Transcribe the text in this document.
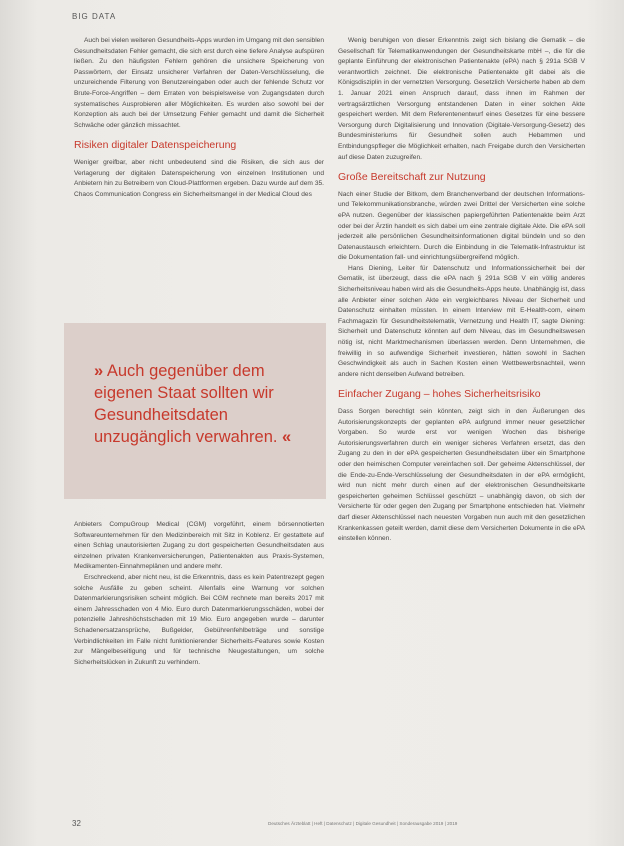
BIG DATA

Auch bei vielen weiteren Gesundheits-Apps wurden im Umgang mit den sensiblen Gesundheitsdaten Fehler gemacht, die sich erst durch eine tiefere Analyse aufspüren ließen. Zu den häufigsten Fehlern gehören die unsichere Speicherung von Passwörtern, der Einsatz unsicherer Verfahren der Daten-Verschlüsselung, die unzureichende Filterung von Benutzereingaben oder auch der fehlende Schutz vor Brute-Force-Angriffen – dem Erraten von beispielsweise von Zugangsdaten durch systematisches Ausprobieren aller Möglichkeiten. Es wurden also sowohl bei der Konzeption als auch bei der Umsetzung Fehler gemacht und damit die Sicherheit Schwäche oder gänzlich missachtet.

Risiken digitaler Datenspeicherung

Weniger greifbar, aber nicht unbedeutend sind die Risiken, die sich aus der Verlagerung der digitalen Datenspeicherung von einzelnen Institutionen und Anbietern hin zu Betreibern von Cloud-Plattformen ergeben. Dazu wurde auf dem 35. Chaos Communication Congress ein Sicherheitsmangel in der Medical Cloud des

» Auch gegenüber dem eigenen Staat sollten wir Gesundheitsdaten unzugänglich verwahren. «

Anbieters CompuGroup Medical (CGM) vorgeführt, einem börsennotierten Softwareunternehmen für den Medizinbereich mit Sitz in Koblenz. Er gestattete auf einen Schlag unautorisierten Zugang zu dort gespeicherten Gesundheitsdaten aus einzelnen privaten Krankenversicherungen, Patientenakten aus Praxis-Systemen, Medikamenten-Einnahmeplänen und andere mehr.

Erschreckend, aber nicht neu, ist die Erkenntnis, dass es kein Patentrezept gegen solche Ausfälle zu geben scheint. Allenfalls eine Warnung vor solchen Datenmarkierungsrisiken scheint möglich. Bei CGM rechnete man bereits 2017 mit einem Jahresschaden von 4 Mio. Euro durch Datenmarkierungsschäden, wobei der potenzielle Jahreshöchstschaden mit 19 Mio. Euro angegeben wurde – darunter Schadenersatzansprüche, Bußgelder, Gebührenfehlbeträge und sonstige Verbindlichkeiten im Falle nicht funktionierender Sicherheits-Features sowie Kosten zur Mängelbeseitigung und für technische Neugestaltungen, um solche Sicherheitslücken in Zukunft zu verhindern.

Wenig beruhigen von dieser Erkenntnis zeigt sich bislang die Gematik – die Gesellschaft für Telematikanwendungen der Gesundheitskarte mbH –, die für die geplante Einführung der elektronischen Patientenakte (ePA) nach § 291a SGB V verantwortlich zeichnet. Die elektronische Patientenakte gilt dabei als die Königsdisziplin in der vernetzten Versorgung. Gesetzlich Versicherte haben ab dem 1. Januar 2021 einen Anspruch darauf, dass ihnen im Rahmen der vertragsärztlichen Versorgung entstandenen Daten in einer solchen Akte gespeichert werden. Mit dem Referentenentwurf eines Gesetzes für eine bessere Versorgung durch Digitalisierung und Innovation (Digitale-Versorgung-Gesetz) des Bundesministeriums für Gesundheit sollen auch Hebammen und Entbindungspfleger die Möglichkeit erhalten, nach Freigabe durch den Versicherten auf diese Daten zuzugreifen.

Große Bereitschaft zur Nutzung

Nach einer Studie der Bitkom, dem Branchenverband der deutschen Informations- und Telekommunikationsbranche, würden zwei Drittel der Versicherten eine solche ePA nutzen. Gegenüber der klassischen papiergeführten Patientenakte beim Arzt oder bei der Ärztin handelt es sich dabei um eine zentrale digitale Akte. Die ePA soll jederzeit alle persönlichen Gesundheitsinformationen digital bündeln und so den Datenaustausch erleichtern. Durch die Einbindung in die Telematik-Infrastruktur ist die Dokumentation fall- und einrichtungsübergreifend möglich.

Hans Diening, Leiter für Datenschutz und Informationssicherheit bei der Gematik, ist überzeugt, dass die ePA nach § 291a SGB V ein völlig anderes Sicherheitsniveau haben wird als die Gesundheits-Apps heute. Unabhängig ist, dass alle Anbieter einer solchen Akte ein vergleichbares Niveau der Sicherheit und Datenschutz einhalten müssten. In einem Interview mit E-Health-com, einem Fachmagazin für Gesundheitstelematik, Vernetzung und Health IT, sagte Diening: Sicherheit und Datenschutz könnten auf dem Niveau, das im Gesundheitswesen nötig ist, nicht Marktmechanismen überlassen werden. Denn Unternehmen, die freiwillig in so aufwendige Sicherheit investieren, hätten sowohl in Sachen Geschwindigkeit als auch in Sachen Kosten einen Wettbewerbsnachteil, wenn andere nicht denselben Aufwand betreiben.

Einfacher Zugang – hohes Sicherheitsrisiko

Dass Sorgen berechtigt sein könnten, zeigt sich in den Äußerungen des Autorisierungskonzepts der geplanten ePA aufgrund immer neuer gesetzlicher Vorgaben. So wurde erst vor wenigen Wochen das bisherige Autorisierungsverfahren durch ein weniger sicheres Verfahren ersetzt, das den Zugang zu den in der ePA gespeicherten Gesundheitsdaten über ein Smartphone oder den heimischen Computer vereinfachen soll. Der geheime Aktenschlüssel, der die Ende-zu-Ende-Verschlüsselung der Gesundheitsdaten in der ePA ermöglicht, wird nun nicht mehr durch einen auf der elektronischen Gesundheitskarte gespeicherten geheimen Schlüssel geschützt – unabhängig davon, ob sich der Versicherte für oder gegen den Zugang per Smartphone entschieden hat. Vielmehr darf dieser Aktenschlüssel nach neuesten Vorgaben nun auch mit den gesetzlichen Krankenkassen geteilt werden, damit diese dem Versicherten Dokumente in die ePA einstellen können.

32	Deutsches Ärzteblatt | Heft | Datenschutz | Digitale Gesundheit | Sonderausgabe 2019 | 2019
